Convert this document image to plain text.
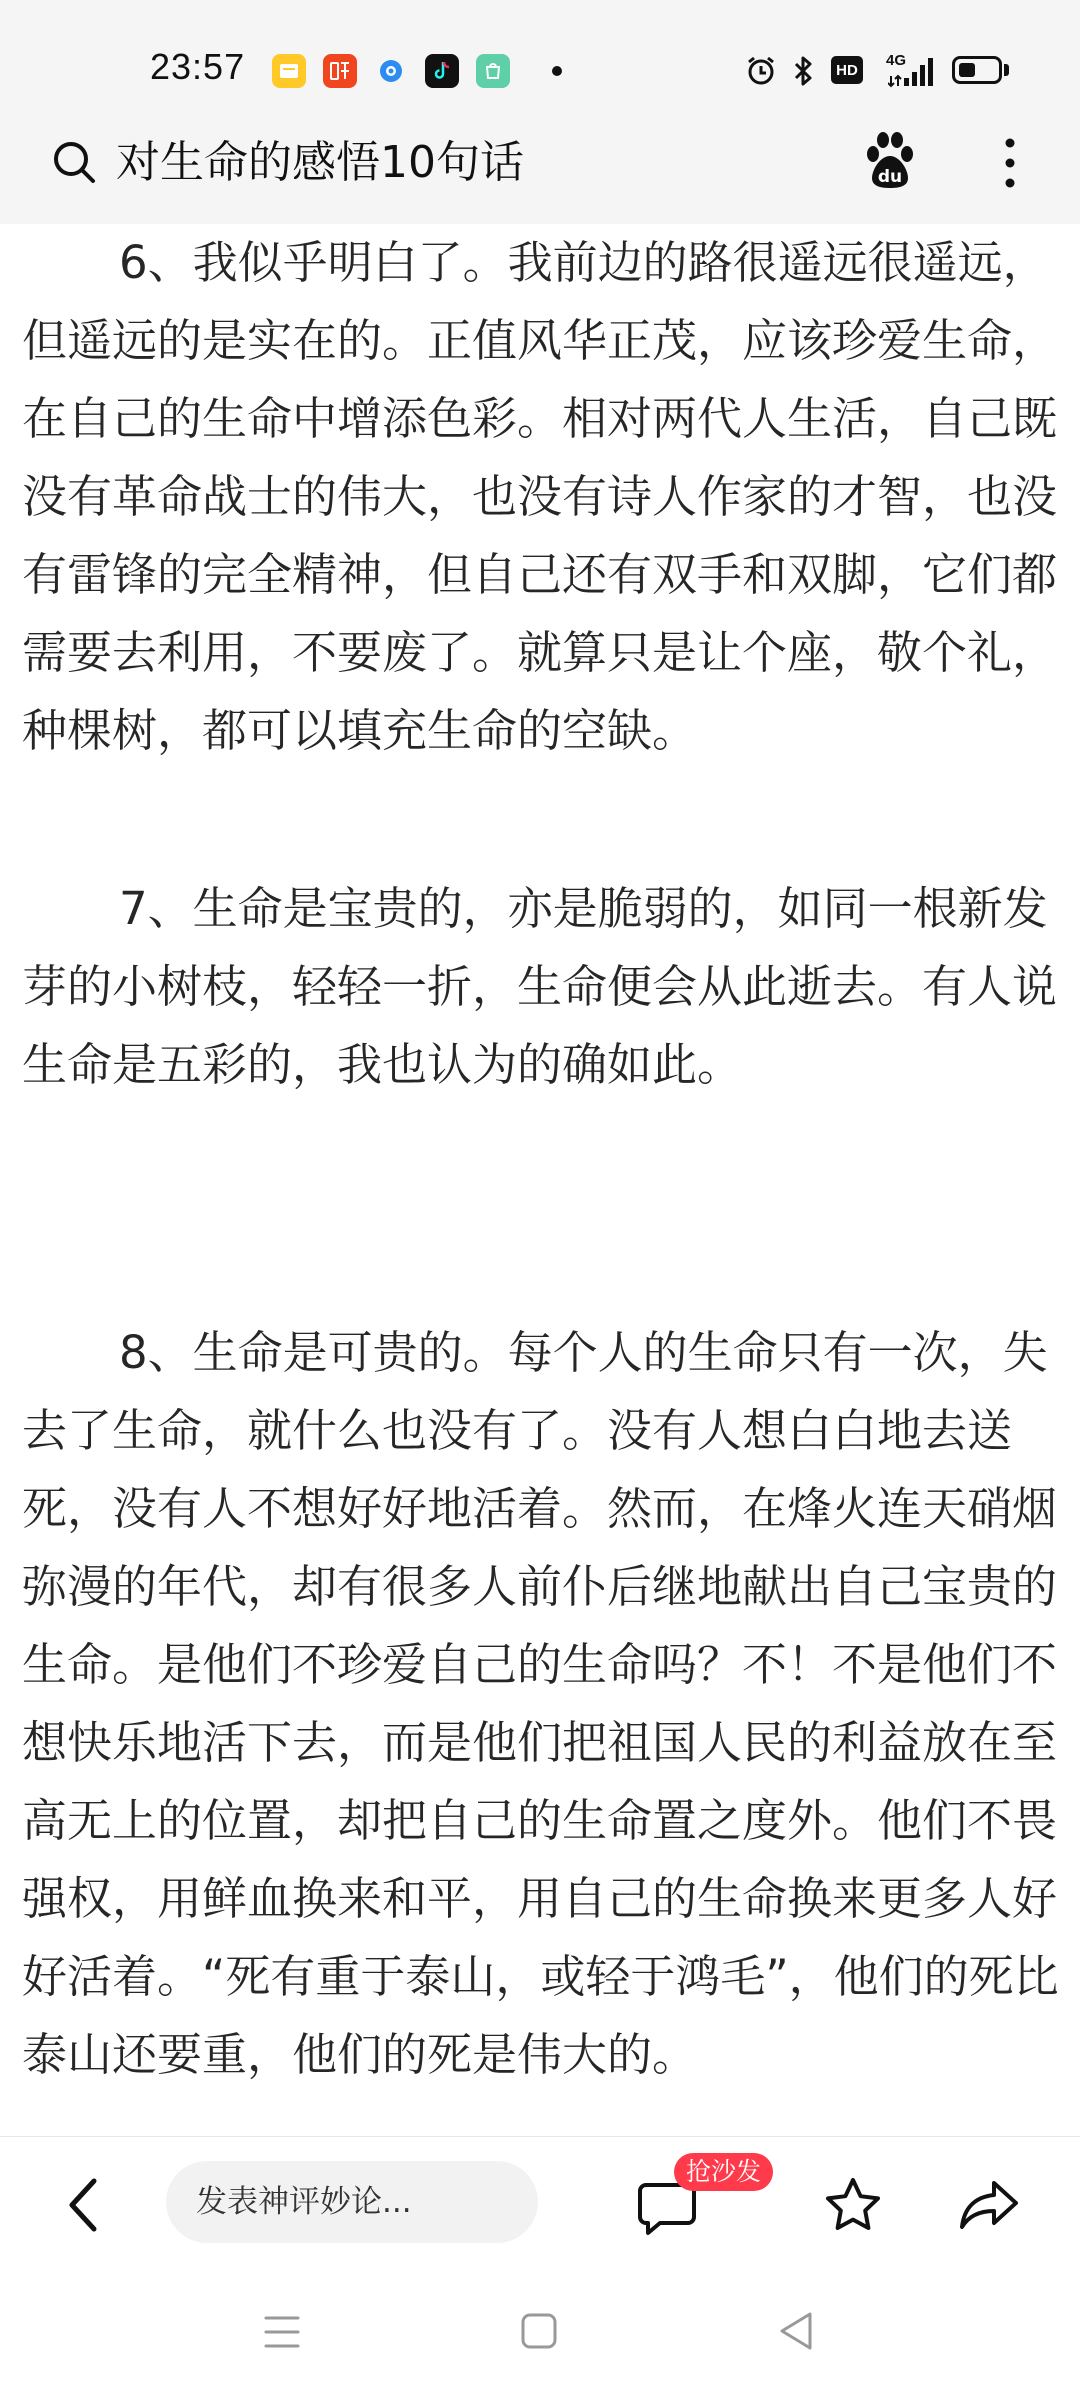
23:57	HD
4G
对生命的感悟10句话	du

6、我似乎明白了。我前边的路很遥远很遥远，但遥远的是实在的。正值风华正茂，应该珍爱生命，在自己的生命中增添色彩。相对两代人生活，自己既没有革命战士的伟大，也没有诗人作家的才智，也没有雷锋的完全精神，但自己还有双手和双脚，它们都需要去利用，不要废了。就算只是让个座，敬个礼，种棵树，都可以填充生命的空缺。

7、生命是宝贵的，亦是脆弱的，如同一根新发芽的小树枝，轻轻一折，生命便会从此逝去。有人说生命是五彩的，我也认为的确如此。

8、生命是可贵的。每个人的生命只有一次，失去了生命，就什么也没有了。没有人想白白地去送死，没有人不想好好地活着。然而，在烽火连天硝烟弥漫的年代，却有很多人前仆后继地献出自己宝贵的生命。是他们不珍爱自己的生命吗？不！不是他们不想快乐地活下去，而是他们把祖国人民的利益放在至高无上的位置，却把自己的生命置之度外。他们不畏强权，用鲜血换来和平，用自己的生命换来更多人好好活着。“死有重于泰山，或轻于鸿毛”，他们的死比泰山还要重，他们的死是伟大的。

发表神评妙论...
抢沙发
